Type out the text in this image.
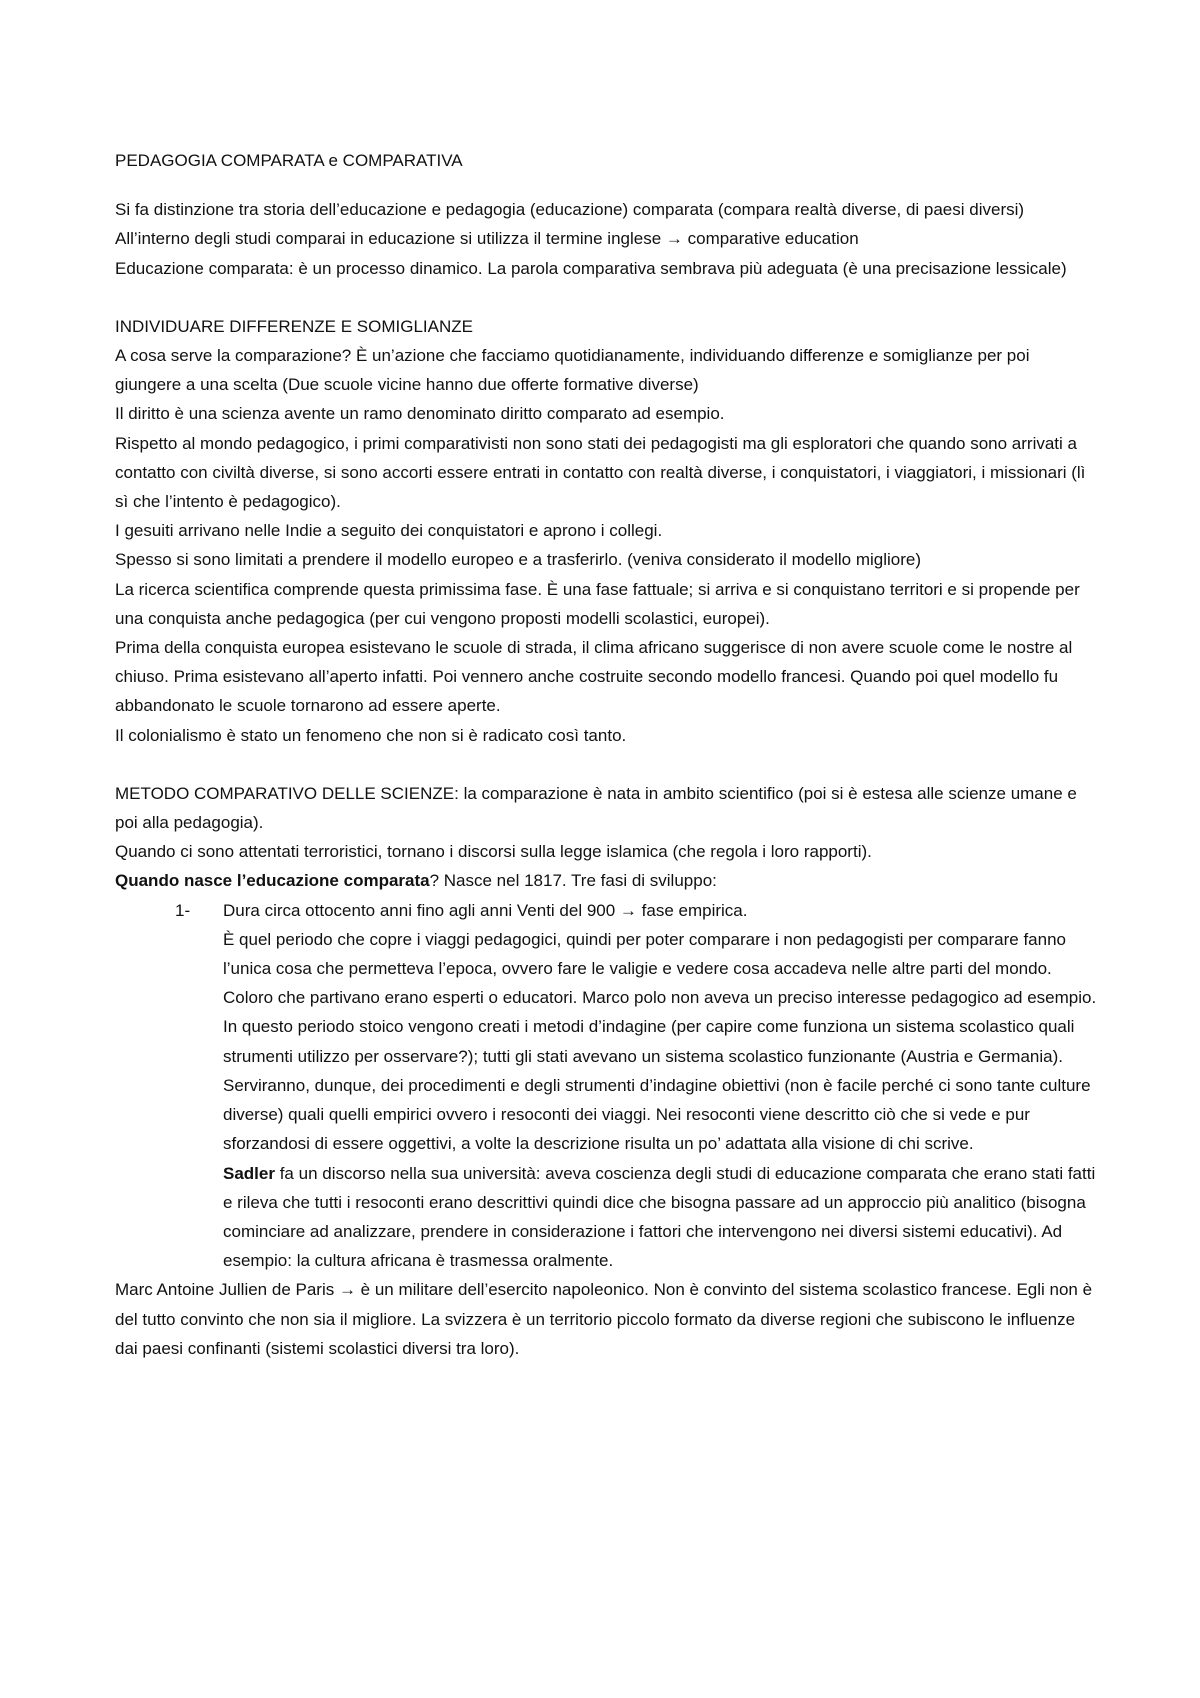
PEDAGOGIA COMPARATA e COMPARATIVA

Si fa distinzione tra storia dell’educazione e pedagogia (educazione) comparata (compara realtà diverse, di paesi diversi)

All’interno degli studi comparai in educazione si utilizza il termine inglese → comparative education

Educazione comparata: è un processo dinamico. La parola comparativa sembrava più adeguata (è una precisazione lessicale)

INDIVIDUARE DIFFERENZE E SOMIGLIANZE

A cosa serve la comparazione? È un’azione che facciamo quotidianamente, individuando differenze e somiglianze per poi giungere a una scelta (Due scuole vicine hanno due offerte formative diverse)

Il diritto è una scienza avente un ramo denominato diritto comparato ad esempio.

Rispetto al mondo pedagogico, i primi comparativisti non sono stati dei pedagogisti ma gli esploratori che quando sono arrivati a contatto con civiltà diverse, si sono accorti essere entrati in contatto con realtà diverse, i conquistatori, i viaggiatori, i missionari (lì sì che l’intento è pedagogico).

I gesuiti arrivano nelle Indie a seguito dei conquistatori e aprono i collegi.

Spesso si sono limitati a prendere il modello europeo e a trasferirlo. (veniva considerato il modello migliore)

La ricerca scientifica comprende questa primissima fase. È una fase fattuale; si arriva e si conquistano territori e si propende per una conquista anche pedagogica (per cui vengono proposti modelli scolastici, europei).

Prima della conquista europea esistevano le scuole di strada, il clima africano suggerisce di non avere scuole come le nostre al chiuso. Prima esistevano all’aperto infatti. Poi vennero anche costruite secondo modello francesi. Quando poi quel modello fu abbandonato le scuole tornarono ad essere aperte.

Il colonialismo è stato un fenomeno che non si è radicato così tanto.

METODO COMPARATIVO DELLE SCIENZE: la comparazione è nata in ambito scientifico (poi si è estesa alle scienze umane e poi alla pedagogia).

Quando ci sono attentati terroristici, tornano i discorsi sulla legge islamica (che regola i loro rapporti).

Quando nasce l’educazione comparata? Nasce nel 1817. Tre fasi di sviluppo:

1- Dura circa ottocento anni fino agli anni Venti del 900 → fase empirica.

È quel periodo che copre i viaggi pedagogici, quindi per poter comparare i non pedagogisti per comparare fanno l’unica cosa che permetteva l’epoca, ovvero fare le valigie e vedere cosa accadeva nelle altre parti del mondo. Coloro che partivano erano esperti o educatori. Marco polo non aveva un preciso interesse pedagogico ad esempio.

In questo periodo stoico vengono creati i metodi d’indagine (per capire come funziona un sistema scolastico quali strumenti utilizzo per osservare?); tutti gli stati avevano un sistema scolastico funzionante (Austria e Germania). Serviranno, dunque, dei procedimenti e degli strumenti d’indagine obiettivi (non è facile perché ci sono tante culture diverse) quali quelli empirici ovvero i resoconti dei viaggi. Nei resoconti viene descritto ciò che si vede e pur sforzandosi di essere oggettivi, a volte la descrizione risulta un po’ adattata alla visione di chi scrive.

Sadler fa un discorso nella sua università: aveva coscienza degli studi di educazione comparata che erano stati fatti e rileva che tutti i resoconti erano descrittivi quindi dice che bisogna passare ad un approccio più analitico (bisogna cominciare ad analizzare, prendere in considerazione i fattori che intervengono nei diversi sistemi educativi). Ad esempio: la cultura africana è trasmessa oralmente.

Marc Antoine Jullien de Paris → è un militare dell’esercito napoleonico. Non è convinto del sistema scolastico francese. Egli non è del tutto convinto che non sia il migliore. La svizzera è un territorio piccolo formato da diverse regioni che subiscono le influenze dai paesi confinanti (sistemi scolastici diversi tra loro).
